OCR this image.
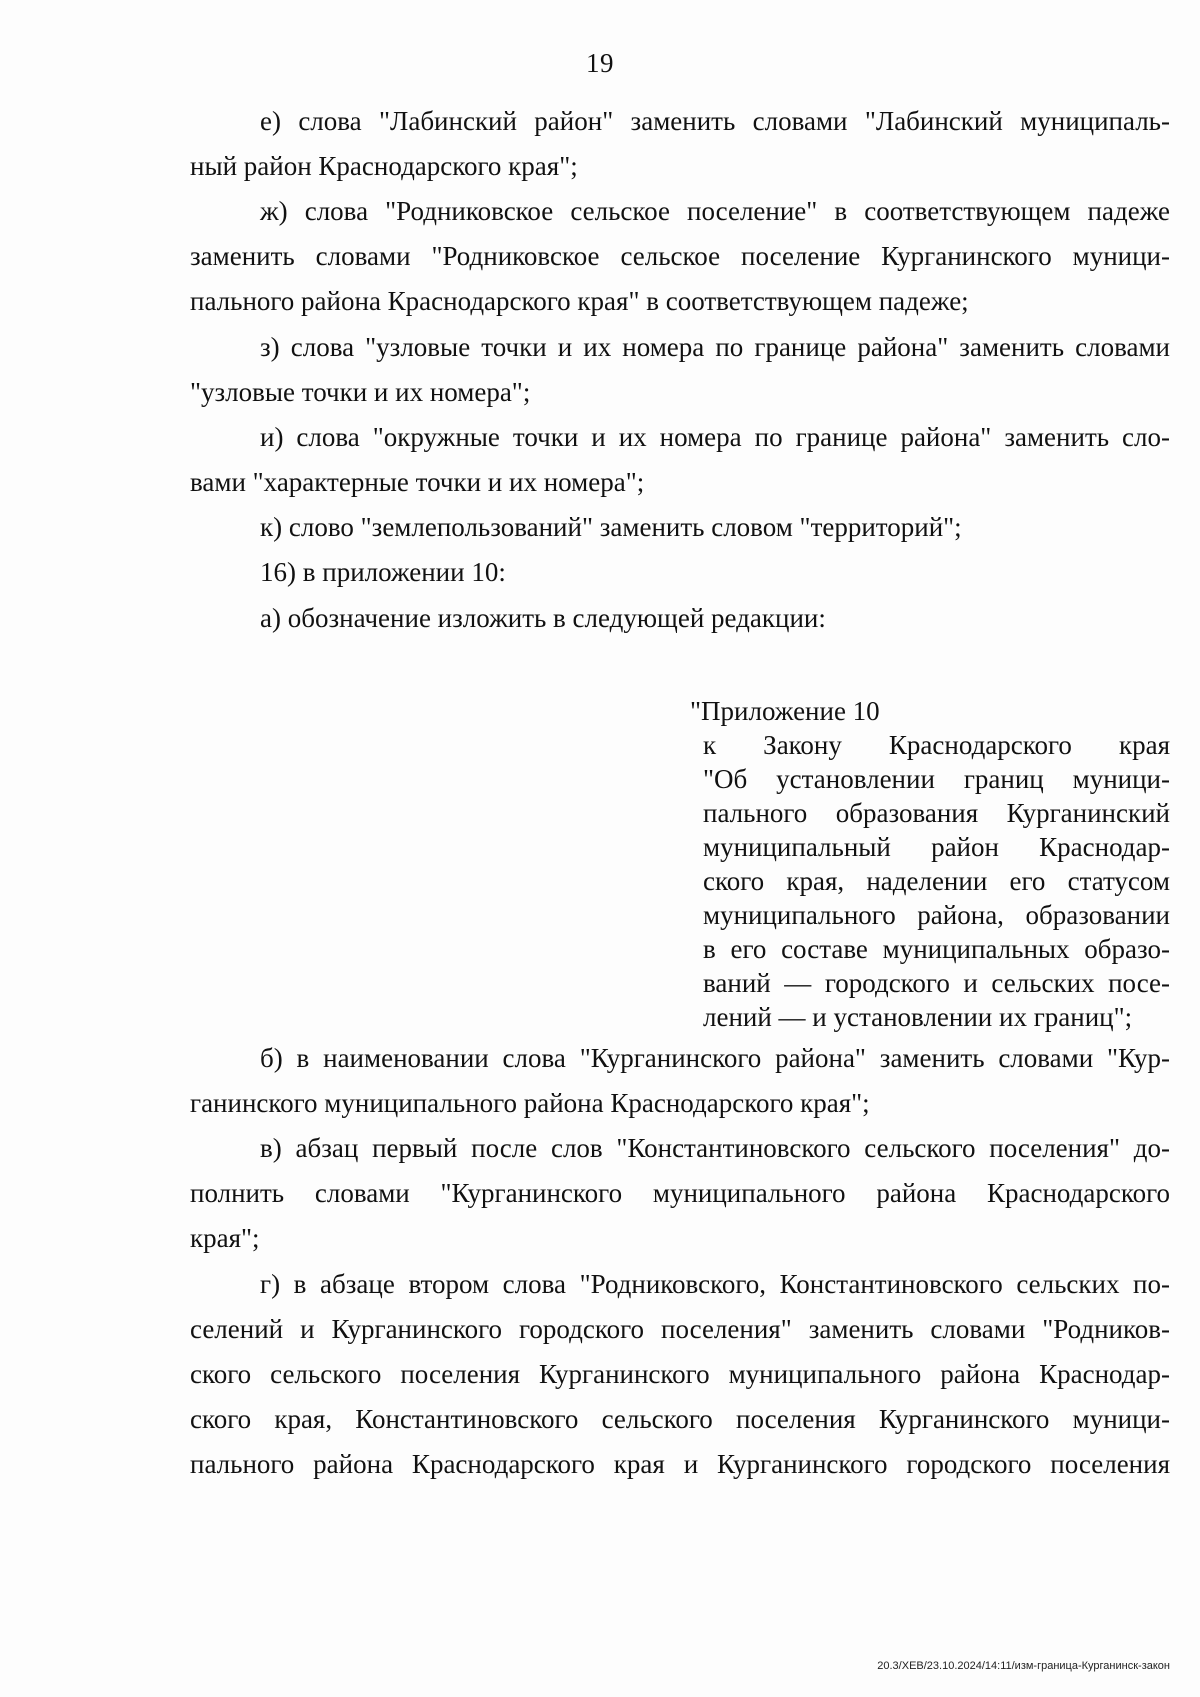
19
е) слова "Лабинский район" заменить словами "Лабинский муниципаль-
ный район Краснодарского края";
ж) слова "Родниковское сельское поселение" в соответствующем падеже
заменить словами "Родниковское сельское поселение Курганинского муници-
пального района Краснодарского края" в соответствующем падеже;
з) слова "узловые точки и их номера по границе района" заменить словами
"узловые точки и их номера";
и) слова "окружные точки и их номера по границе района" заменить сло-
вами "характерные точки и их номера";
к) слово "землепользований" заменить словом "территорий";
16) в приложении 10:
а) обозначение изложить в следующей редакции:
"Приложение 10
к Закону Краснодарского края
"Об установлении границ муници-
пального образования Курганинский
муниципальный район Краснодар-
ского края, наделении его статусом
муниципального района, образовании
в его составе муниципальных образо-
ваний — городского и сельских посе-
лений — и установлении их границ";
б) в наименовании слова "Курганинского района" заменить словами "Кур-
ганинского муниципального района Краснодарского края";
в) абзац первый после слов "Константиновского сельского поселения" до-
полнить словами "Курганинского муниципального района Краснодарского
края";
г) в абзаце втором слова "Родниковского, Константиновского сельских по-
селений и Курганинского городского поселения" заменить словами "Родников-
ского сельского поселения Курганинского муниципального района Краснодар-
ского края, Константиновского сельского поселения Курганинского муници-
пального района Краснодарского края и Курганинского городского поселения
20.3/ХЕВ/23.10.2024/14:11/изм-граница-Курганинск-закон
